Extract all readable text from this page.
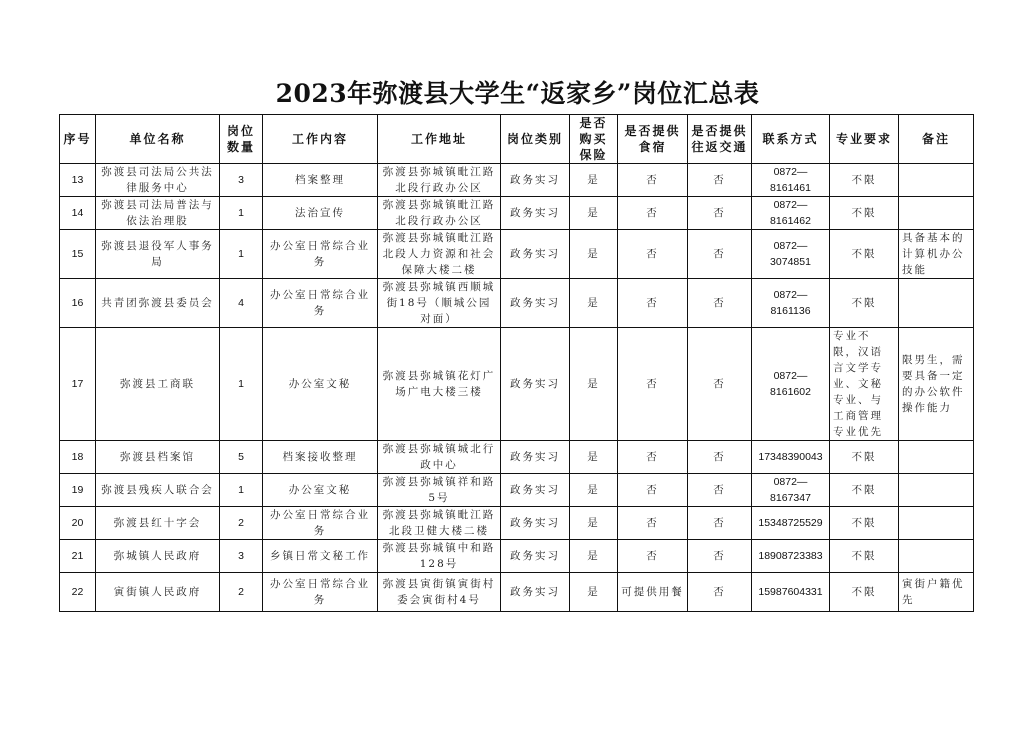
2023年弥渡县大学生“返家乡”岗位汇总表
序号	单位名称	岗位数量	工作内容	工作地址	岗位类别	是否购买保险	是否提供食宿	是否提供往返交通	联系方式	专业要求	备注
13	弥渡县司法局公共法律服务中心	3	档案整理	弥渡县弥城镇毗江路北段行政办公区	政务实习	是	否	否	0872—8161461	不限	
14	弥渡县司法局普法与依法治理股	1	法治宣传	弥渡县弥城镇毗江路北段行政办公区	政务实习	是	否	否	0872—8161462	不限	
15	弥渡县退役军人事务局	1	办公室日常综合业务	弥渡县弥城镇毗江路北段人力资源和社会保障大楼二楼	政务实习	是	否	否	0872—3074851	不限	具备基本的计算机办公技能
16	共青团弥渡县委员会	4	办公室日常综合业务	弥渡县弥城镇西顺城街18号（顺城公园对面）	政务实习	是	否	否	0872—8161136	不限	
17	弥渡县工商联	1	办公室文秘	弥渡县弥城镇花灯广场广电大楼三楼	政务实习	是	否	否	0872—8161602	专业不限，汉语言文学专业、文秘专业、与工商管理专业优先	限男生，需要具备一定的办公软件操作能力
18	弥渡县档案馆	5	档案接收整理	弥渡县弥城镇城北行政中心	政务实习	是	否	否	17348390043	不限	
19	弥渡县残疾人联合会	1	办公室文秘	弥渡县弥城镇祥和路5号	政务实习	是	否	否	0872—8167347	不限	
20	弥渡县红十字会	2	办公室日常综合业务	弥渡县弥城镇毗江路北段卫健大楼二楼	政务实习	是	否	否	15348725529	不限	
21	弥城镇人民政府	3	乡镇日常文秘工作	弥渡县弥城镇中和路128号	政务实习	是	否	否	18908723383	不限	
22	寅街镇人民政府	2	办公室日常综合业务	弥渡县寅街镇寅街村委会寅街村4号	政务实习	是	可提供用餐	否	15987604331	不限	寅街户籍优先
